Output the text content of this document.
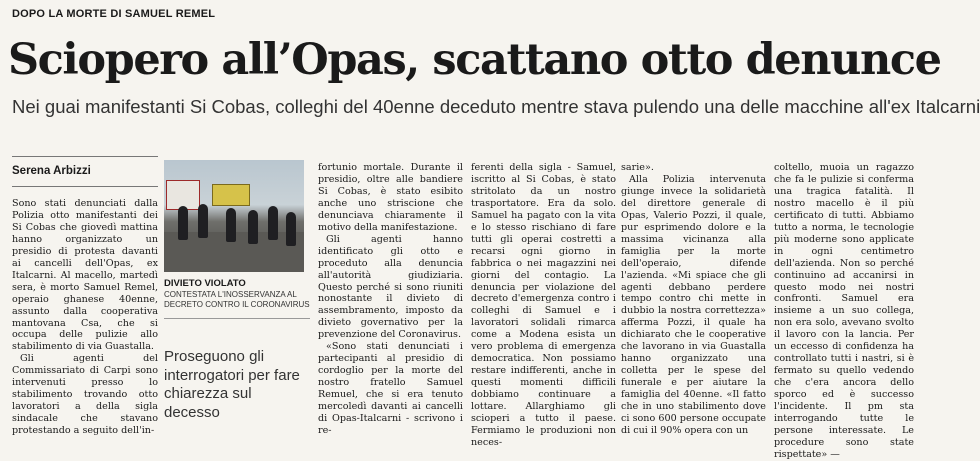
DOPO LA MORTE DI SAMUEL REMEL
Sciopero all’Opas, scattano otto denunce
Nei guai manifestanti Si Cobas, colleghi del 40enne deceduto mentre stava pulendo una delle macchine all'ex Italcarni
Serena Arbizzi

Sono stati denunciati dalla Polizia otto manifestanti dei Si Cobas che giovedì mattina hanno organizzato un presidio di protesta davanti ai cancelli dell'Opas, ex Italcarni. Al macello, martedì sera, è morto Samuel Remel, operaio ghanese 40enne, assunto dalla cooperativa mantovana Csa, che si occupa delle pulizie allo stabilimento di via Guastalla.

Gli agenti del Commissariato di Carpi sono intervenuti presso lo stabilimento trovando otto lavoratori a della sigla sindacale che stavano protestando a seguito dell'in-

DIVIETO VIOLATO
CONTESTATA L'INOSSERVANZA AL DECRETO CONTRO IL CORONAVIRUS
Proseguono gli interrogatori per fare chiarezza sul decesso

fortunio mortale. Durante il presidio, oltre alle bandiere Si Cobas, è stato esibito anche uno striscione che denunciava chiaramente il motivo della manifestazione.

Gli agenti hanno identificato gli otto e proceduto alla denuncia all'autorità giudiziaria. Questo perché si sono riuniti nonostante il divieto di assembramento, imposto da divieto governativo per la prevenzione del Coronavirus.

«Sono stati denunciati i partecipanti al presidio di cordoglio per la morte del nostro fratello Samuel Remuel, che si era tenuto mercoledì davanti ai cancelli di Opas-Italcarni - scrivono i re-

ferenti della sigla - Samuel, iscritto al Si Cobas, è stato stritolato da un nostro trasportatore. Era da solo. Samuel ha pagato con la vita e lo stesso rischiano di fare tutti gli operai costretti a recarsi ogni giorno in fabbrica o nei magazzini nei giorni del contagio. La denuncia per violazione del decreto d'emergenza contro i colleghi di Samuel e i lavoratori solidali rimarca come a Modena esista un vero problema di emergenza democratica. Non possiamo restare indifferenti, anche in questi momenti difficili dobbiamo continuare a lottare. Allarghiamo gli scioperi a tutto il paese. Fermiamo le produzioni non neces-

sarie».

Alla Polizia intervenuta giunge invece la solidarietà del direttore generale di Opas, Valerio Pozzi, il quale, pur esprimendo dolore e la massima vicinanza alla famiglia per la morte dell'operaio, difende l'azienda. «Mi spiace che gli agenti debbano perdere tempo contro chi mette in dubbio la nostra correttezza» afferma Pozzi, il quale ha dichiarato che le cooperative che lavorano in via Guastalla hanno organizzato una colletta per le spese del funerale e per aiutare la famiglia del 40enne. «Il fatto che in uno stabilimento dove ci sono 600 persone occupate di cui il 90% opera con un

coltello, muoia un ragazzo che fa le pulizie si conferma una tragica fatalità. Il nostro macello è il più certificato di tutti. Abbiamo tutto a norma, le tecnologie più moderne sono applicate in ogni centimetro dell'azienda. Non so perché continuino ad accanirsi in questo modo nei nostri confronti. Samuel era insieme a un suo collega, non era solo, avevano svolto il lavoro con la lancia. Per un eccesso di confidenza ha controllato tutti i nastri, si è fermato su quello vedendo che c'era ancora dello sporco ed è successo l'incidente. Il pm sta interrogando tutte le persone interessate. Le procedure sono state rispettate» —
